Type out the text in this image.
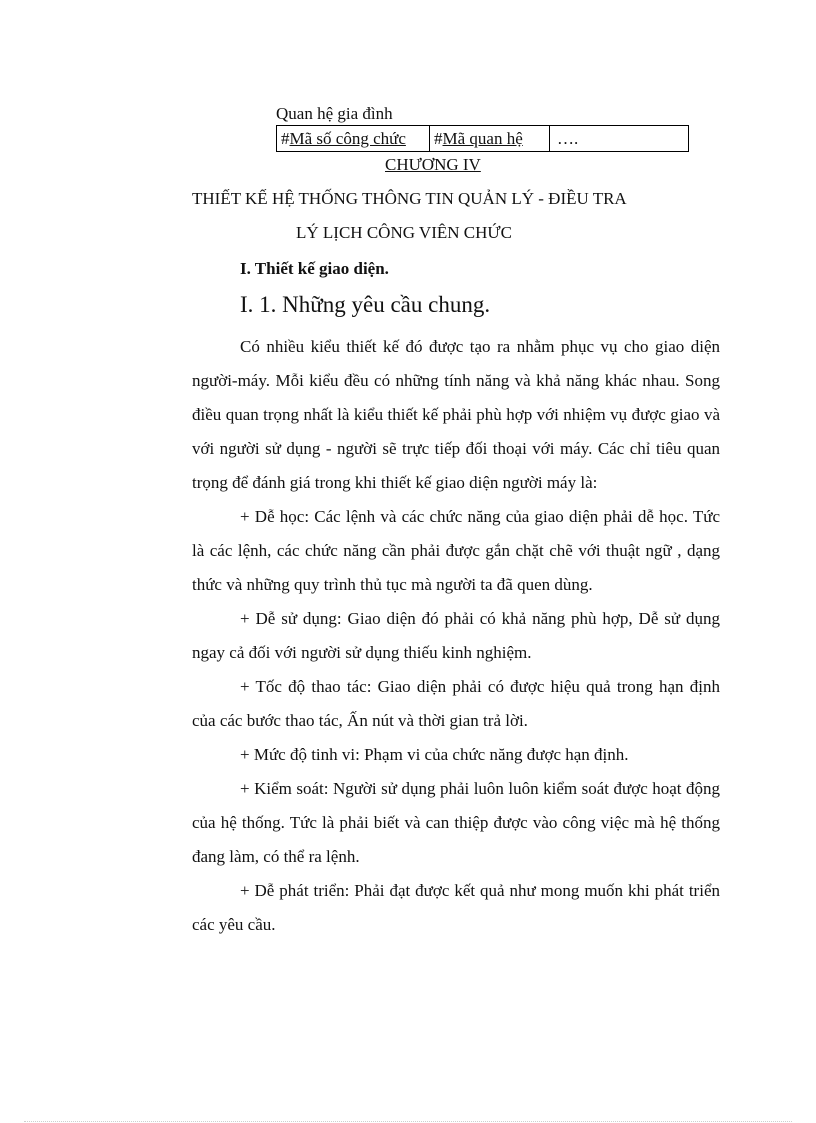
Quan hệ gia đình
#Mã số công chức	#Mã quan hệ	….
CHƯƠNG IV
THIẾT KẾ HỆ THỐNG THÔNG TIN QUẢN LÝ - ĐIỀU TRA
LÝ LỊCH CÔNG VIÊN CHỨC
I. Thiết kế giao diện.
I. 1. Những yêu cầu chung.

Có nhiều kiểu thiết kế đó được tạo ra nhằm phục vụ cho giao diện người-máy. Mỗi kiểu đều có những tính năng và khả năng khác nhau. Song điều quan trọng nhất là kiểu thiết kế phải phù hợp với nhiệm vụ được giao và với người sử dụng - người sẽ trực tiếp đối thoại với máy. Các chỉ tiêu quan trọng để đánh giá trong khi thiết kế giao diện người máy là:

+ Dễ học: Các lệnh và các chức năng của giao diện phải dễ học. Tức là các lệnh, các chức năng cần phải được gắn chặt chẽ với thuật ngữ , dạng thức và những quy trình thủ tục mà người ta đã quen dùng.

+ Dễ sử dụng: Giao diện đó phải có khả năng phù hợp, Dễ sử dụng ngay cả đối với người sử dụng thiếu kinh nghiệm.

+ Tốc độ thao tác: Giao diện phải có được hiệu quả trong hạn định của các bước thao tác, Ấn nút và thời gian trả lời.

+ Mức độ tinh vi: Phạm vi của chức năng được hạn định.

+ Kiểm soát: Người sử dụng phải luôn luôn kiểm soát được hoạt động của hệ thống. Tức là phải biết và can thiệp được vào công việc mà hệ thống đang làm, có thể ra lệnh.

+ Dễ phát triển: Phải đạt được kết quả như mong muốn khi phát triển các yêu cầu.
